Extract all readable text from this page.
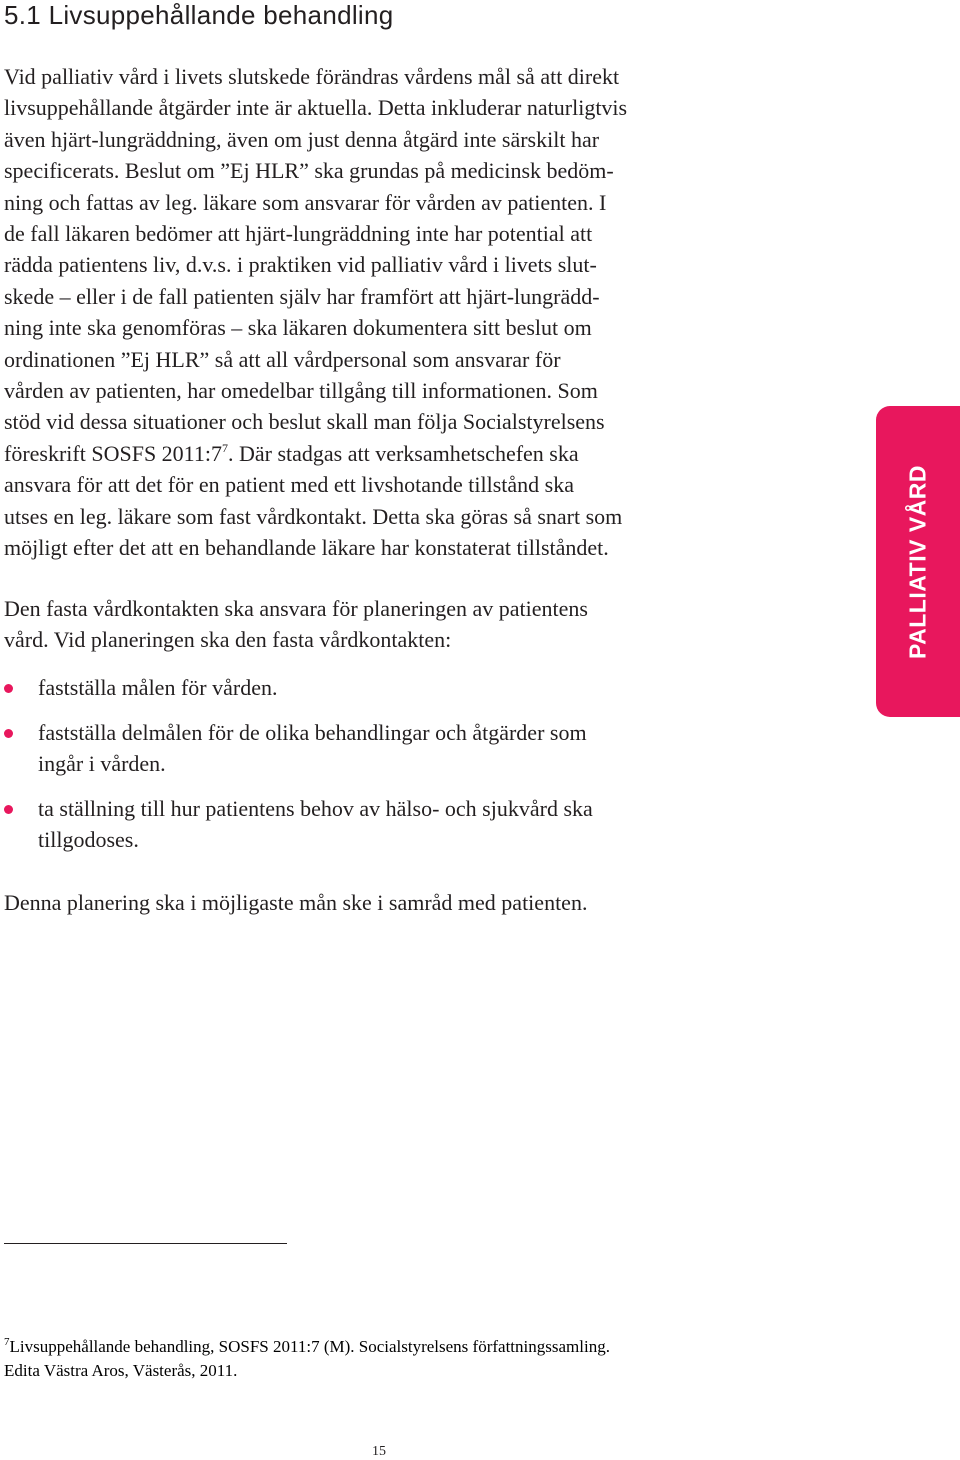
5.1 Livsuppehållande behandling
Vid palliativ vård i livets slutskede förändras vårdens mål så att direkt
livsuppehållande åtgärder inte är aktuella. Detta inkluderar naturligtvis
även hjärt-lungräddning, även om just denna åtgärd inte särskilt har
specificerats. Beslut om ”Ej HLR” ska grundas på medicinsk bedöm-
ning och fattas av leg. läkare som ansvarar för vården av patienten. I
de fall läkaren bedömer att hjärt-lungräddning inte har potential att
rädda patientens liv, d.v.s. i praktiken vid palliativ vård i livets slut-
skede – eller i de fall patienten själv har framfört att hjärt-lungrädd-
ning inte ska genomföras – ska läkaren dokumentera sitt beslut om
ordinationen ”Ej HLR” så att all vårdpersonal som ansvarar för
vården av patienten, har omedelbar tillgång till informationen. Som
stöd vid dessa situationer och beslut skall man följa Socialstyrelsens
föreskrift SOSFS $2011:7^7$. Där stadgas att verksamhetschefen ska
ansvara för att det för en patient med ett livshotande tillstånd ska
utses en leg. läkare som fast vårdkontakt. Detta ska göras så snart som
möjligt efter det att en behandlande läkare har konstaterat tillståndet.
Den fasta vårdkontakten ska ansvara för planeringen av patientens
vård. Vid planeringen ska den fasta vårdkontakten:
fastställa målen för vården.
fastställa delmålen för de olika behandlingar och åtgärder som
ingår i vården.
ta ställning till hur patientens behov av hälso- och sjukvård ska
tillgodoses.
Denna planering ska i möjligaste mån ske i samråd med patienten.
PALLIATIV VÅRD
$^7$Livsuppehållande behandling, SOSFS 2011:7 (M). Socialstyrelsens författningssamling.
Edita Västra Aros, Västerås, 2011.
15
